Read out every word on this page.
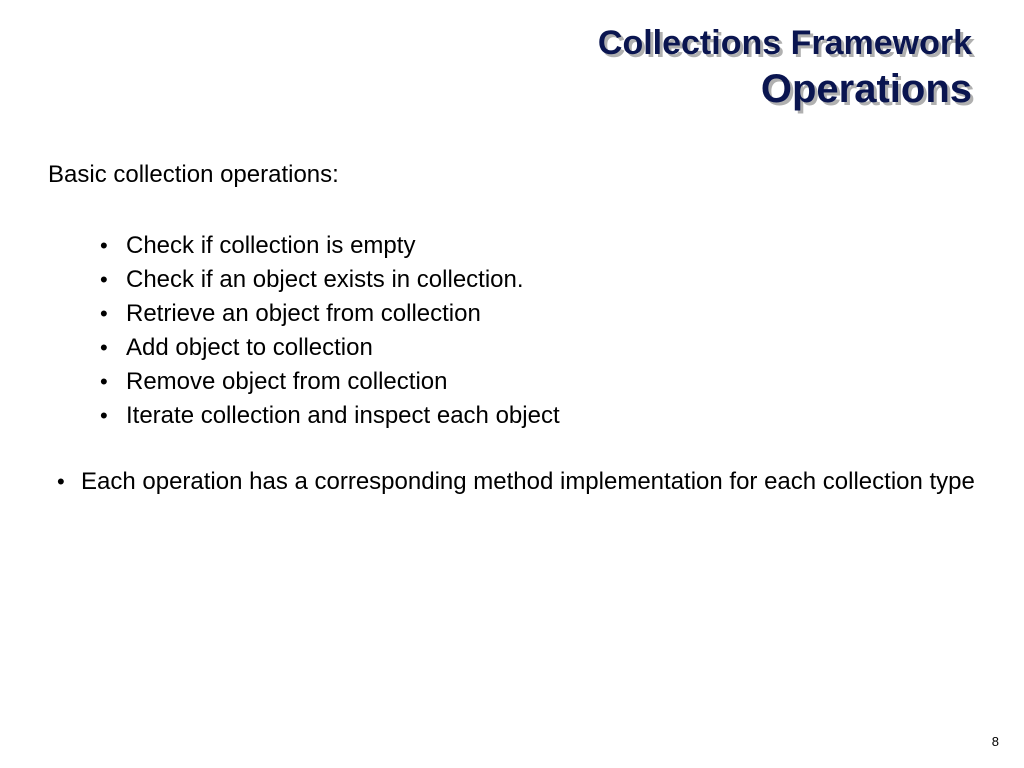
Collections Framework
Operations
Basic collection operations:
• Check if collection is empty
• Check if an object exists in collection.
• Retrieve an object from collection
• Add object to collection
• Remove object from collection
• Iterate collection and inspect each object
• Each operation has a corresponding method implementation for each collection type
8
